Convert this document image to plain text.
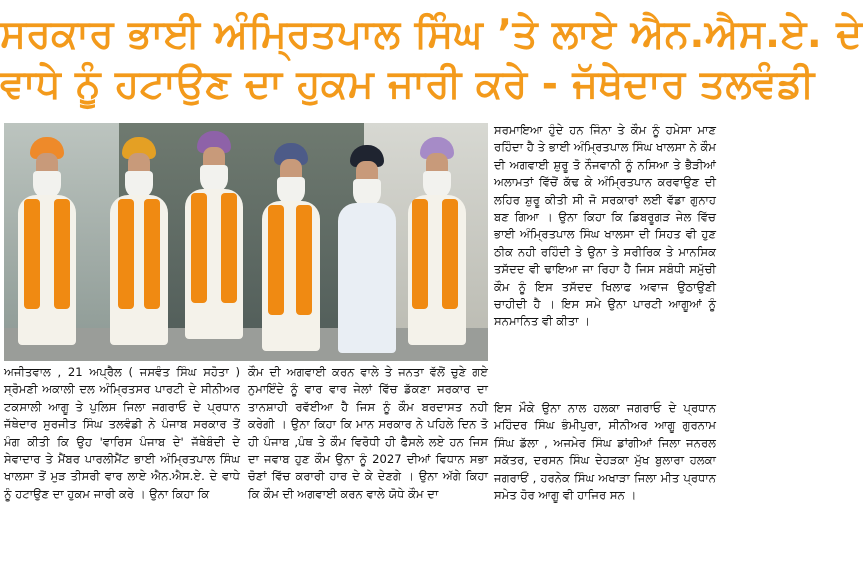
ਸਰਕਾਰ ਭਾਈ ਅੰਮ੍ਰਿਤਪਾਲ ਸਿੰਘ ’ਤੇ ਲਾਏ ਐਨ.ਐਸ.ਏ. ਦੇ
ਵਾਧੇ ਨੂੰ ਹਟਾਉਣ ਦਾ ਹੁਕਮ ਜਾਰੀ ਕਰੇ - ਜੱਥੇਦਾਰ ਤਲਵੰਡੀ

ਸਰਮਾਇਆ ਹੁੰਦੇ ਹਨ ਜਿੰਨਾ ਤੇ ਕੌਮ ਨੂੰ ਹਮੇਸਾ ਮਾਣ ਰਹਿੰਦਾ ਹੈ ਤੇ ਭਾਈ ਅੰਮ੍ਰਿਤਪਾਲ ਸਿੰਘ ਖਾਲਸਾ ਨੇ ਕੌਮ ਦੀ ਅਗਵਾਈ ਸ਼ੁਰੂ ਤੋ ਨੌਜਵਾਨੀ ਨੂੰ ਨਸਿਆ ਤੇ ਭੈੜੀਆਂ ਅਲਾਮਤਾਂ ਵਿੱਚੋਂ ਕੱਢ ਕੇ ਅੰਮ੍ਰਿਤਪਾਨ ਕਰਵਾਉਣ ਦੀ ਲਹਿਰ ਸ਼ੁਰੂ ਕੀਤੀ ਸੀ ਜੋ ਸਰਕਾਰਾਂ ਲਈ ਵੱਡਾ ਗੁਨਾਹ ਬਣ ਗਿਆ । ਉਨਾ ਕਿਹਾ ਕਿ ਡਿਬਰੂਗੜ ਜੇਲ ਵਿੱਚ ਭਾਈ ਅੰਮ੍ਰਿਤਪਾਲ ਸਿੰਘ ਖਾਲਸਾ ਦੀ ਸਿਹਤ ਵੀ ਹੁਣ ਠੀਕ ਨਹੀ ਰਹਿੰਦੀ ਤੇ ਉਨਾ ਤੇ ਸਰੀਰਿਕ ਤੇ ਮਾਨਸਿਕ ਤਸੱਦਦ ਵੀ ਢਾਇਆ ਜਾ ਰਿਹਾ ਹੈ ਜਿਸ ਸਬੰਧੀ ਸਮੁੱਚੀ ਕੌਮ ਨੂੰ ਇਸ ਤਸੱਦਦ ਖਿਲਾਫ ਅਵਾਜ ਉਠਾਉਣੀ ਚਾਹੀਦੀ ਹੈ । ਇਸ ਸਮੇ ਉਨਾ ਪਾਰਟੀ ਆਗੂਆਂ ਨੂੰ ਸਨਮਾਨਿਤ ਵੀ ਕੀਤਾ ।

ਅਜੀਤਵਾਲ , 21 ਅਪ੍ਰੈਲ ( ਜਸਵੰਤ ਸਿੰਘ ਸਹੋਤਾ ) ਸ੍ਰੋਮਣੀ ਅਕਾਲੀ ਦਲ ਅੰਮ੍ਰਿਤਸਰ ਪਾਰਟੀ ਦੇ ਸੀਨੀਅਰ ਟਕਸਾਲੀ ਆਗੂ ਤੇ ਪੁਲਿਸ ਜਿਲਾ ਜਗਰਾਓ ਦੇ ਪ੍ਰਧਾਨ ਜੱਥੇਦਾਰ ਸੁਰਜੀਤ ਸਿੰਘ ਤਲਵੰਡੀ ਨੇ ਪੰਜਾਬ ਸਰਕਾਰ ਤੋਂ ਮੰਗ ਕੀਤੀ ਕਿ ਉਹ 'ਵਾਰਿਸ ਪੰਜਾਬ ਦੇ' ਜੱਥੇਬੰਦੀ ਦੇ ਸੇਵਾਦਾਰ ਤੇ ਮੈਂਬਰ ਪਾਰਲੀਮੈਂਟ ਭਾਈ ਅੰਮ੍ਰਿਤਪਾਲ ਸਿੰਘ ਖਾਲਸਾ ਤੋਂ ਮੁੜ ਤੀਸਰੀ ਵਾਰ ਲਾਏ ਐਨ.ਐਸ.ਏ. ਦੇ ਵਾਧੇ ਨੂੰ ਹਟਾਉਣ ਦਾ ਹੁਕਮ ਜਾਰੀ ਕਰੇ । ਉਨਾ ਕਿਹਾ ਕਿ

ਕੌਮ ਦੀ ਅਗਵਾਈ ਕਰਨ ਵਾਲੇ ਤੇ ਜਨਤਾ ਵੱਲੋਂ ਚੁਣੇ ਗਏ ਨੁਮਾਇੰਦੇ ਨੂੰ ਵਾਰ ਵਾਰ ਜੇਲਾਂ ਵਿੱਚ ਡੱਕਣਾ ਸਰਕਾਰ ਦਾ ਤਾਨਸ਼ਾਹੀ ਰਵੱਈਆ ਹੈ ਜਿਸ ਨੂੰ ਕੌਮ ਬਰਦਾਸਤ ਨਹੀ ਕਰੇਗੀ । ਉਨਾ ਕਿਹਾ ਕਿ ਮਾਨ ਸਰਕਾਰ ਨੇ ਪਹਿਲੇ ਦਿਨ ਤੋ ਹੀ ਪੰਜਾਬ ,ਪੰਥ ਤੇ ਕੌਮ ਵਿਰੋਧੀ ਹੀ ਫੈਸਲੇ ਲਏ ਹਨ ਜਿਸ ਦਾ ਜਵਾਬ ਹੁਣ ਕੌਮ ਉਨਾ ਨੂੰ 2027 ਦੀਆਂ ਵਿਧਾਨ ਸਭਾ ਚੋਣਾਂ ਵਿੱਚ ਕਰਾਰੀ ਹਾਰ ਦੇ ਕੇ ਦੇਣਗੇ । ਉਨਾ ਅੱਗੇ ਕਿਹਾ ਕਿ ਕੌਮ ਦੀ ਅਗਵਾਈ ਕਰਨ ਵਾਲੇ ਯੋਧੇ ਕੌਮ ਦਾ

ਇਸ ਮੌਕੇ ਉਨਾ ਨਾਲ ਹਲਕਾ ਜਗਰਾਓ ਦੇ ਪ੍ਰਧਾਨ ਮਹਿੰਦਰ ਸਿੰਘ ਭੰਮੀਪੁਰਾ, ਸੀਨੀਅਰ ਆਗੂ ਗੁਰਨਾਮ ਸਿੰਘ ਡੱਲਾ , ਅਜਮੇਰ ਸਿੰਘ ਡਾਂਗੀਆਂ ਜਿਲਾ ਜਨਰਲ ਸਕੱਤਰ, ਦਰਸਨ ਸਿੰਘ ਦੇਹੜਕਾ ਮੁੱਖ ਬੁਲਾਰਾ ਹਲਕਾ ਜਗਰਾਓਂ , ਹਰਨੇਕ ਸਿੰਘ ਅਖਾੜਾ ਜਿਲਾ ਮੀਤ ਪ੍ਰਧਾਨ ਸਮੇਤ ਹੋਰ ਆਗੂ ਵੀ ਹਾਜਿਰ ਸਨ ।
